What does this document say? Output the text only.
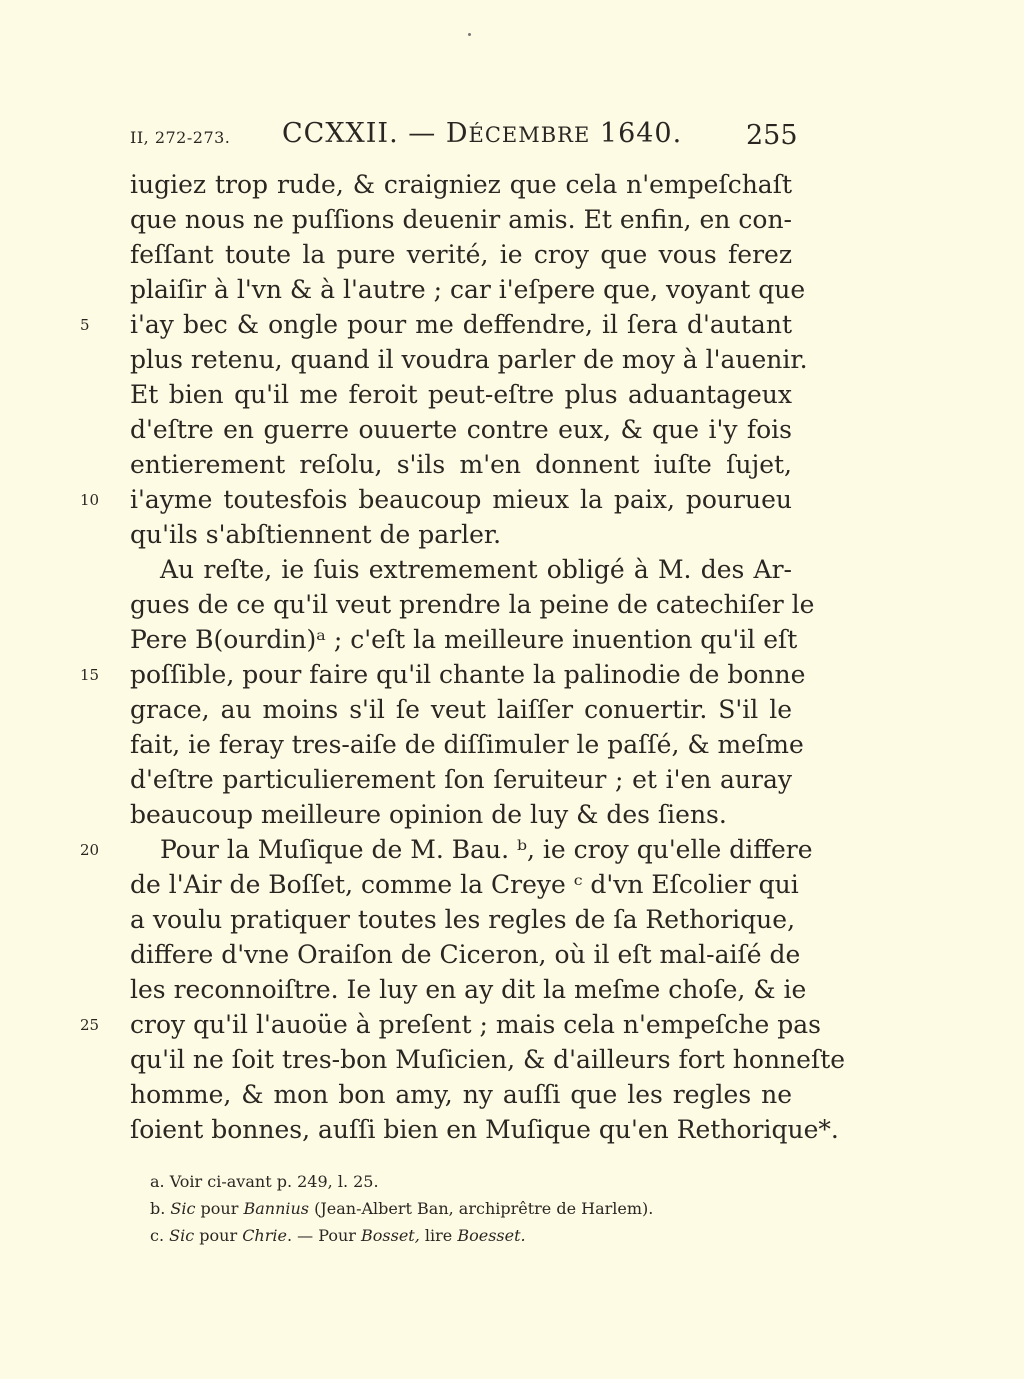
II, 272-273. CCXXII. — DÉCEMBRE 1640. 255
iugiez trop rude, & craigniez que cela n'empeſchaſt
que nous ne puſſions deuenir amis. Et enfin, en con-
feſſant toute la pure verité, ie croy que vous ferez
plaiſir à l'vn & à l'autre ; car i'eſpere que, voyant que
5	i'ay bec & ongle pour me deffendre, il ſera d'autant
plus retenu, quand il voudra parler de moy à l'auenir.
Et bien qu'il me feroit peut-eſtre plus aduantageux
d'eſtre en guerre ouuerte contre eux, & que i'y fois
entierement reſolu, s'ils m'en donnent iuſte ſujet,
10	i'ayme toutesfois beaucoup mieux la paix, pourueu
qu'ils s'abſtiennent de parler.
Au reſte, ie ſuis extremement obligé à M. des Ar-
gues de ce qu'il veut prendre la peine de catechiſer le
Pere B(ourdin)ᵃ ; c'eſt la meilleure inuention qu'il eſt
15	poſſible, pour faire qu'il chante la palinodie de bonne
grace, au moins s'il ſe veut laiſſer conuertir. S'il le
fait, ie feray tres-aiſe de diſſimuler le paſſé, & meſme
d'eſtre particulierement ſon ſeruiteur ; et i'en auray
beaucoup meilleure opinion de luy & des ſiens.
20	Pour la Muſique de M. Bau. ᵇ, ie croy qu'elle differe
de l'Air de Boſſet, comme la Creye ᶜ d'vn Eſcolier qui
a voulu pratiquer toutes les regles de ſa Rethorique,
differe d'vne Oraiſon de Ciceron, où il eſt mal-aiſé de
les reconnoiſtre. Ie luy en ay dit la meſme choſe, & ie
25	croy qu'il l'auoüe à preſent ; mais cela n'empeſche pas
qu'il ne ſoit tres-bon Muſicien, & d'ailleurs fort honneſte
homme, & mon bon amy, ny auſſi que les regles ne
ſoient bonnes, auſſi bien en Muſique qu'en Rethorique*.
a. Voir ci-avant p. 249, l. 25.
b. Sic pour Bannius (Jean-Albert Ban, archiprêtre de Harlem).
c. Sic pour Chrie. — Pour Bosset, lire Boesset.
